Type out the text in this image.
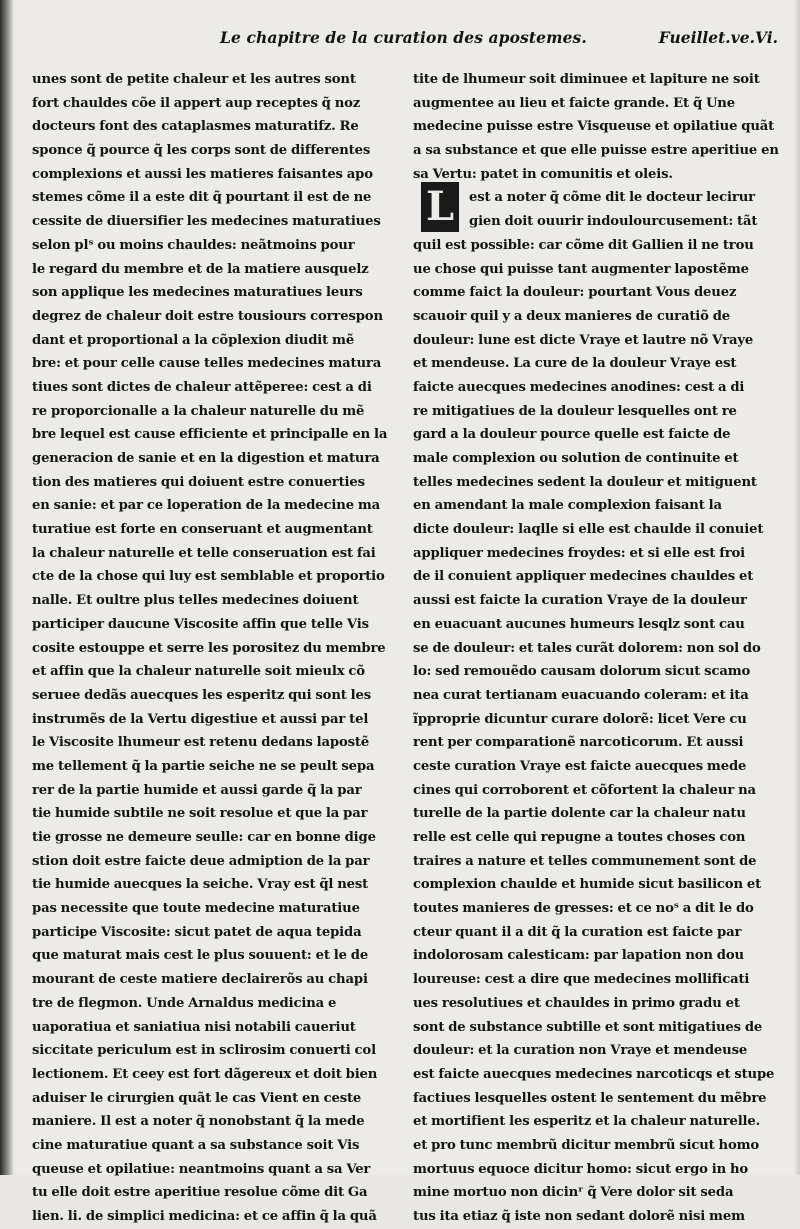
Le chapitre de la curation des apostemes.	Fueillet.ve.Vi.
unes sont de petite chaleur et les autres sont
fort chauldes cõe il appert aup receptes q̃ noz
docteurs font des cataplasmes maturatifz. Re
sponce q̃ pource q̃ les corps sont de differentes
complexions et aussi les matieres faisantes apo
stemes cõme il a este dit q̃ pourtant il est de ne
cessite de diuersifier les medecines maturatiues
selon plˢ ou moins chauldes: neãtmoins pour
le regard du membre et de la matiere ausquelz
son applique les medecines maturatiues leurs
degrez de chaleur doit estre tousiours correspon
dant et proportional a la cõplexion diudit mẽ
bre: et pour celle cause telles medecines matura
tiues sont dictes de chaleur attẽperee: cest a di
re proporcionalle a la chaleur naturelle du mẽ
bre lequel est cause efficiente et principalle en la
generacion de sanie et en la digestion et matura
tion des matieres qui doiuent estre conuerties
en sanie: et par ce loperation de la medecine ma
turatiue est forte en conseruant et augmentant
la chaleur naturelle et telle conseruation est fai
cte de la chose qui luy est semblable et proportio
nalle. Et oultre plus telles medecines doiuent
participer daucune Viscosite affin que telle Vis
cosite estouppe et serre les porositez du membre
et affin que la chaleur naturelle soit mieulx cõ
seruee dedãs auecques les esperitz qui sont les
instrumẽs de la Vertu digestiue et aussi par tel
le Viscosite lhumeur est retenu dedans lapostẽ
me tellement q̃ la partie seiche ne se peult sepa
rer de la partie humide et aussi garde q̃ la par
tie humide subtile ne soit resolue et que la par
tie grosse ne demeure seulle: car en bonne dige
stion doit estre faicte deue admiption de la par
tie humide auecques la seiche. Vray est q̃l nest
pas necessite que toute medecine maturatiue
participe Viscosite: sicut patet de aqua tepida
que maturat mais cest le plus souuent: et le de
mourant de ceste matiere declairerõs au chapi
tre de flegmon. Unde Arnaldus medicina e
uaporatiua et saniatiua nisi notabili caueriut
siccitate periculum est in sclirosim conuerti col
lectionem. Et ceey est fort dãgereux et doit bien
aduiser le cirurgien quãt le cas Vient en ceste
maniere. Il est a noter q̃ nonobstant q̃ la mede
cine maturatiue quant a sa substance soit Vis
queuse et opilatiue: neantmoins quant a sa Ver
tu elle doit estre aperitiue resolue cõme dit Ga
lien. li. de simplici medicina: et ce affin q̃ la quã
tite de lhumeur soit diminuee et lapiture ne soit
augmentee au lieu et faicte grande. Et q̃ Une
medecine puisse estre Visqueuse et opilatiue quãt
a sa substance et que elle puisse estre aperitiue en
sa Vertu: patet in comunitis et oleis.
L	est a noter q̃ cõme dit le docteur lecirur
gien doit ouurir indoulourcusement: tãt
quil est possible: car cõme dit Gallien il ne trou
ue chose qui puisse tant augmenter lapostẽme
comme faict la douleur: pourtant Vous deuez
scauoir quil y a deux manieres de curatiõ de
douleur: lune est dicte Vraye et lautre nõ Vraye
et mendeuse. La cure de la douleur Vraye est
faicte auecques medecines anodines: cest a di
re mitigatiues de la douleur lesquelles ont re
gard a la douleur pource quelle est faicte de
male complexion ou solution de continuite et
telles medecines sedent la douleur et mitiguent
en amendant la male complexion faisant la
dicte douleur: laqlle si elle est chaulde il conuiet
appliquer medecines froydes: et si elle est froi
de il conuient appliquer medecines chauldes et
aussi est faicte la curation Vraye de la douleur
en euacuant aucunes humeurs lesqlz sont cau
se de douleur: et tales curãt dolorem: non sol do
lo: sed remouẽdo causam dolorum sicut scamo
nea curat tertianam euacuando coleram: et ita
ĩpproprie dicuntur curare dolorẽ: licet Vere cu
rent per comparationẽ narcoticorum. Et aussi
ceste curation Vraye est faicte auecques mede
cines qui corroborent et cõfortent la chaleur na
turelle de la partie dolente car la chaleur natu
relle est celle qui repugne a toutes choses con
traires a nature et telles communement sont de
complexion chaulde et humide sicut basilicon et
toutes manieres de gresses: et ce noˢ a dit le do
cteur quant il a dit q̃ la curation est faicte par
indolorosam calesticam: par lapation non dou
loureuse: cest a dire que medecines mollificati
ues resolutiues et chauldes in primo gradu et
sont de substance subtille et sont mitigatiues de
douleur: et la curation non Vraye et mendeuse
est faicte auecques medecines narcoticqs et stupe
factiues lesquelles ostent le sentement du mẽbre
et mortifient les esperitz et la chaleur naturelle.
et pro tunc membrũ dicitur membrũ sicut homo
mortuus equoce dicitur homo: sicut ergo in ho
mine mortuo non dicinʳ q̃ Vere dolor sit seda
tus ita etiaz q̃ iste non sedant dolorẽ nisi mem
